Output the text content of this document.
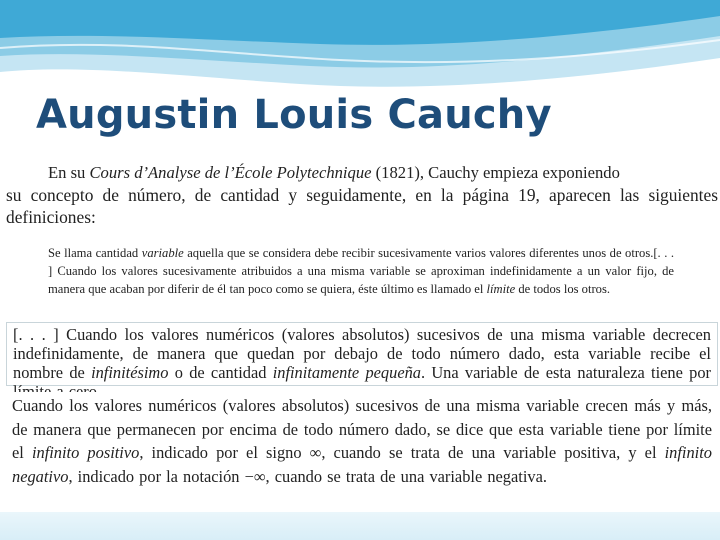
Augustin Louis Cauchy

En su Cours d’Analyse de l’École Polytechnique (1821), Cauchy empieza exponiendo

su concepto de número, de cantidad y seguidamente, en la página 19, aparecen las siguientes definiciones:

Se llama cantidad variable aquella que se considera debe recibir sucesivamente varios valores diferentes unos de otros.[. . . ] Cuando los valores sucesivamente atribuidos a una misma variable se aproximan indefinidamente a un valor fijo, de manera que acaban por diferir de él tan poco como se quiera, éste último es llamado el límite de todos los otros.

[. . . ] Cuando los valores numéricos (valores absolutos) sucesivos de una misma variable decrecen indefinidamente, de manera que quedan por debajo de todo número dado, esta variable recibe el nombre de infinitésimo o de cantidad infinitamente pequeña. Una variable de esta naturaleza tiene por

Cuando los valores numéricos (valores absolutos) sucesivos de una misma variable crecen más y más, de manera que permanecen por encima de todo número dado, se dice que esta variable tiene por límite el infinito positivo, indicado por el signo ∞, cuando se trata de una variable positiva, y el infinito negativo, indicado por la notación −∞, cuando se trata de una variable negativa.
